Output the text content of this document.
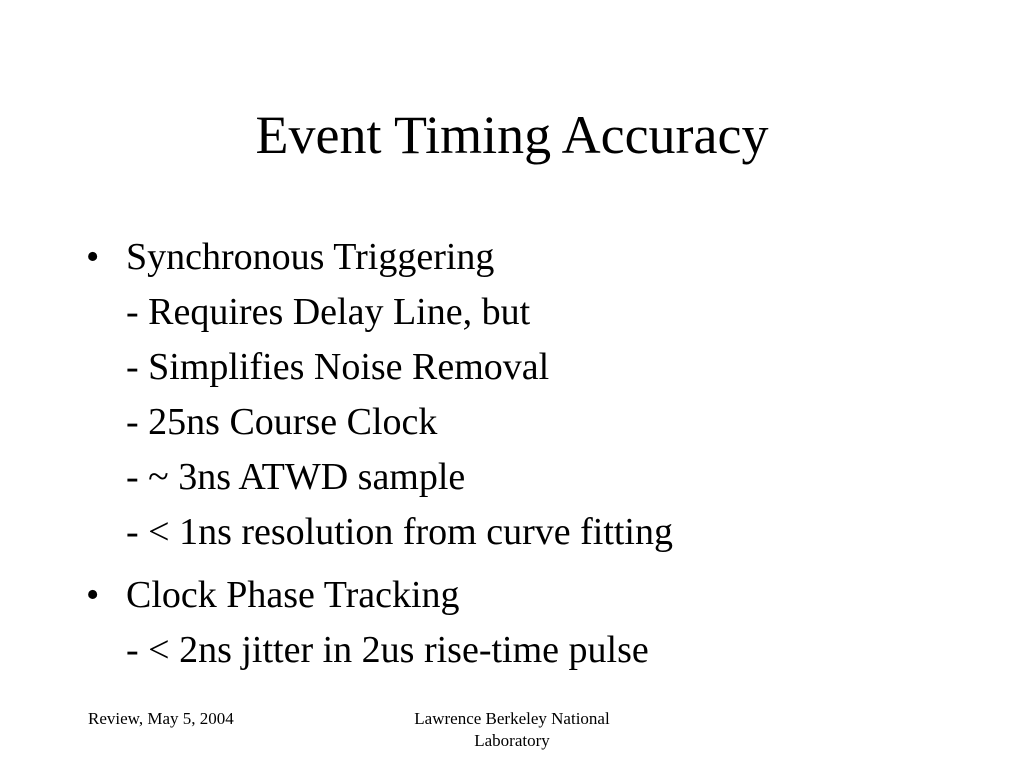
Event Timing Accuracy
• Synchronous Triggering
- Requires Delay Line, but
- Simplifies Noise Removal
- 25ns Course Clock
- ~ 3ns ATWD sample
- < 1ns resolution from curve fitting
• Clock Phase Tracking
- < 2ns jitter in 2us rise-time pulse
Review, May 5, 2004	Lawrence Berkeley National
Laboratory
